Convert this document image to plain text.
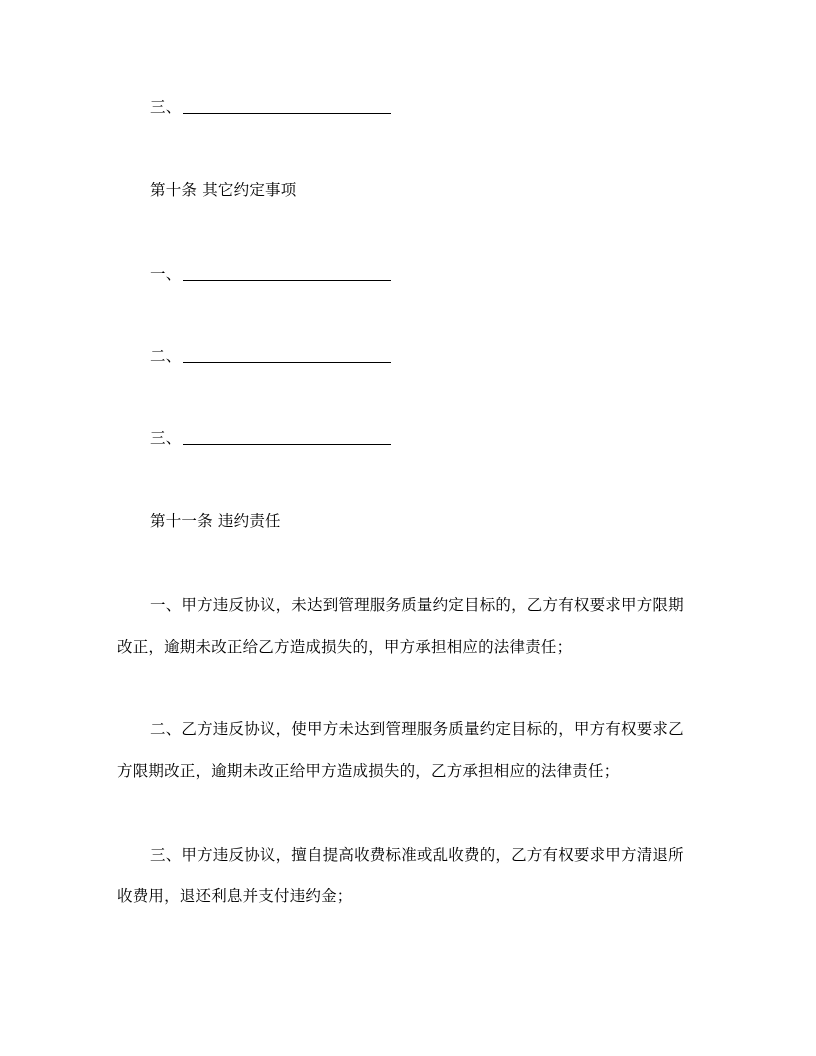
三、
第十条 其它约定事项
一、
二、
三、
第十一条 违约责任
一、甲方违反协议，未达到管理服务质量约定目标的，乙方有权要求甲方限期
改正，逾期未改正给乙方造成损失的，甲方承担相应的法律责任；
二、乙方违反协议，使甲方未达到管理服务质量约定目标的，甲方有权要求乙
方限期改正，逾期未改正给甲方造成损失的，乙方承担相应的法律责任；
三、甲方违反协议，擅自提高收费标准或乱收费的，乙方有权要求甲方清退所
收费用，退还利息并支付违约金；
